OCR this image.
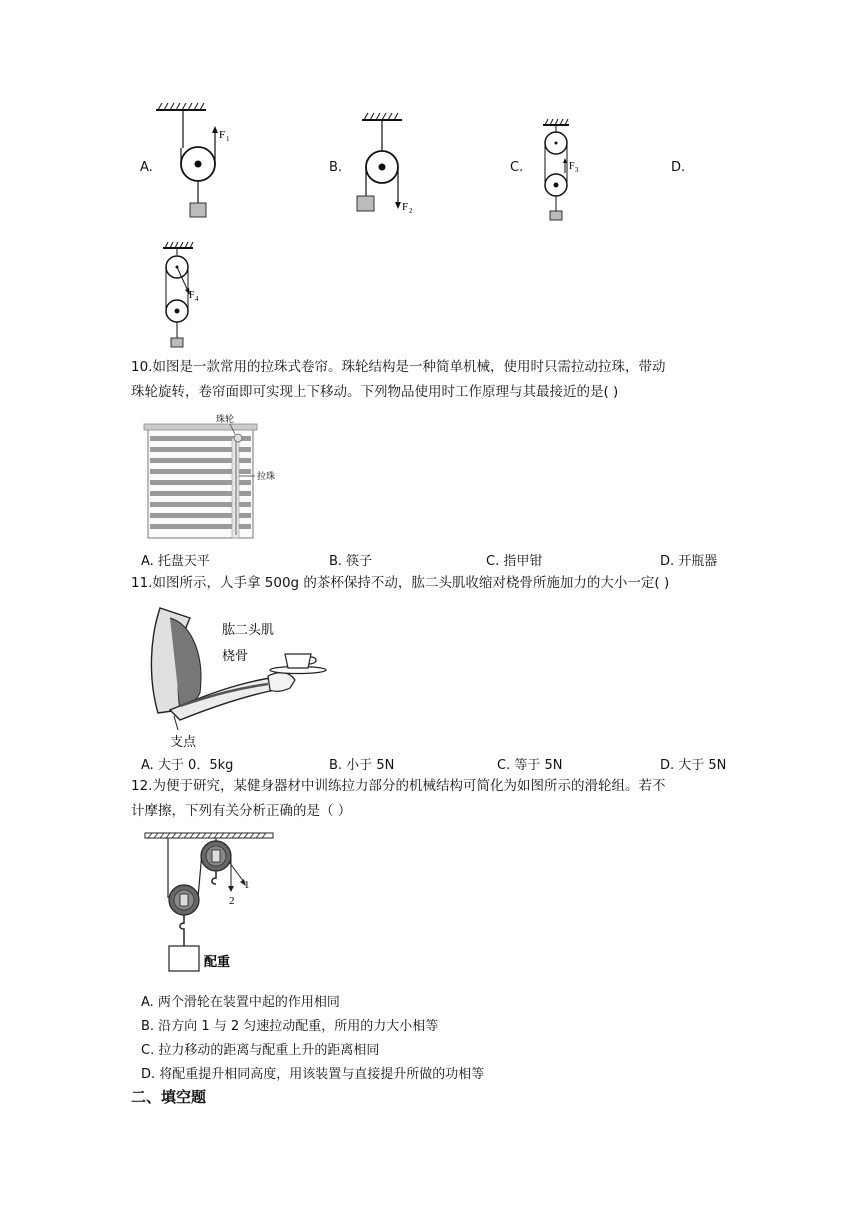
A.
F 1
B.
F 2
C.	F 3	D.
F 4
10.如图是一款常用的拉珠式卷帘。珠轮结构是一种简单机械，使用时只需拉动拉珠，带动
珠轮旋转，卷帘面即可实现上下移动。下列物品使用时工作原理与其最接近的是( )
珠轮
拉珠
A. 托盘天平	B. 筷子	C. 指甲钳	D. 开瓶器
11.如图所示，人手拿 500g 的茶杯保持不动，肱二头肌收缩对桡骨所施加力的大小一定( )
肱二头肌
桡骨
支点
A. 大于 0．5kg	B. 小于 5N	C. 等于 5N	D. 大于 5N
12.为便于研究，某健身器材中训练拉力部分的机械结构可简化为如图所示的滑轮组。若不
计摩擦，下列有关分析正确的是（ ）
1
2
配重
A. 两个滑轮在装置中起的作用相同
B. 沿方向 1 与 2 匀速拉动配重，所用的力大小相等
C. 拉力移动的距离与配重上升的距离相同
D. 将配重提升相同高度，用该装置与直接提升所做的功相等
二、填空题
